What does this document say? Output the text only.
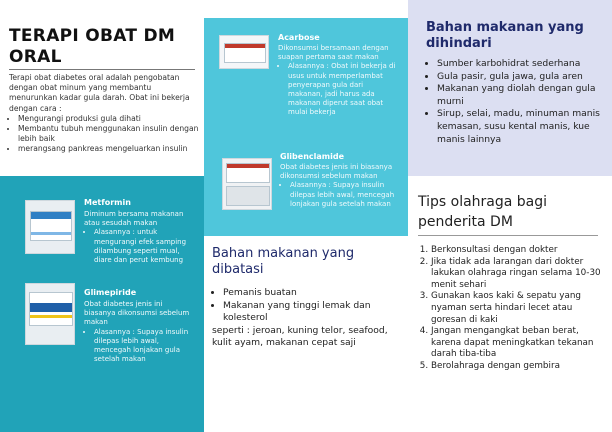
TERAPI OBAT DM ORAL
Terapi obat diabetes oral adalah pengobatan dengan obat minum yang membantu menurunkan kadar gula darah. Obat ini bekerja dengan cara :
• Mengurangi produksi gula dihati
• Membantu tubuh menggunakan insulin dengan lebih baik
• merangsang pankreas mengeluarkan insulin
Metformin
Diminum bersama makanan atau sesudah makan
• Alasannya : untuk mengurangi efek samping dilambung seperti mual, diare dan perut kembung
Glimepiride
Obat diabetes jenis ini biasanya dikonsumsi sebelum makan
• Alasannya : Supaya insulin dilepas lebih awal, mencegah lonjakan gula setelah makan
Acarbose
Dikonsumsi bersamaan dengan suapan pertama saat makan
• Alasannya : Obat ini bekerja di usus untuk memperlambat penyerapan gula dari makanan, jadi harus ada makanan diperut saat obat mulai bekerja
Glibenclamide
Obat diabetes jenis ini biasanya dikonsumsi sebelum makan
• Alasannya : Supaya insulin dilepas lebih awal, mencegah lonjakan gula setelah makan
Bahan makanan yang dibatasi
• Pemanis buatan
• Makanan yang tinggi lemak dan kolesterol
seperti : jeroan, kuning telor, seafood, kulit ayam, makanan cepat saji
Bahan makanan yang dihindari
• Sumber karbohidrat sederhana
• Gula pasir, gula jawa, gula aren
• Makanan yang diolah dengan gula murni
• Sirup, selai, madu, minuman manis kemasan, susu kental manis, kue manis lainnya
Tips olahraga bagi penderita DM
1. Berkonsultasi dengan dokter
2. Jika tidak ada larangan dari dokter lakukan olahraga ringan selama 10-30 menit sehari
3. Gunakan kaos kaki & sepatu yang nyaman serta hindari lecet atau goresan di kaki
4. Jangan mengangkat beban berat, karena dapat meningkatkan tekanan darah tiba-tiba
5. Berolahraga dengan gembira
